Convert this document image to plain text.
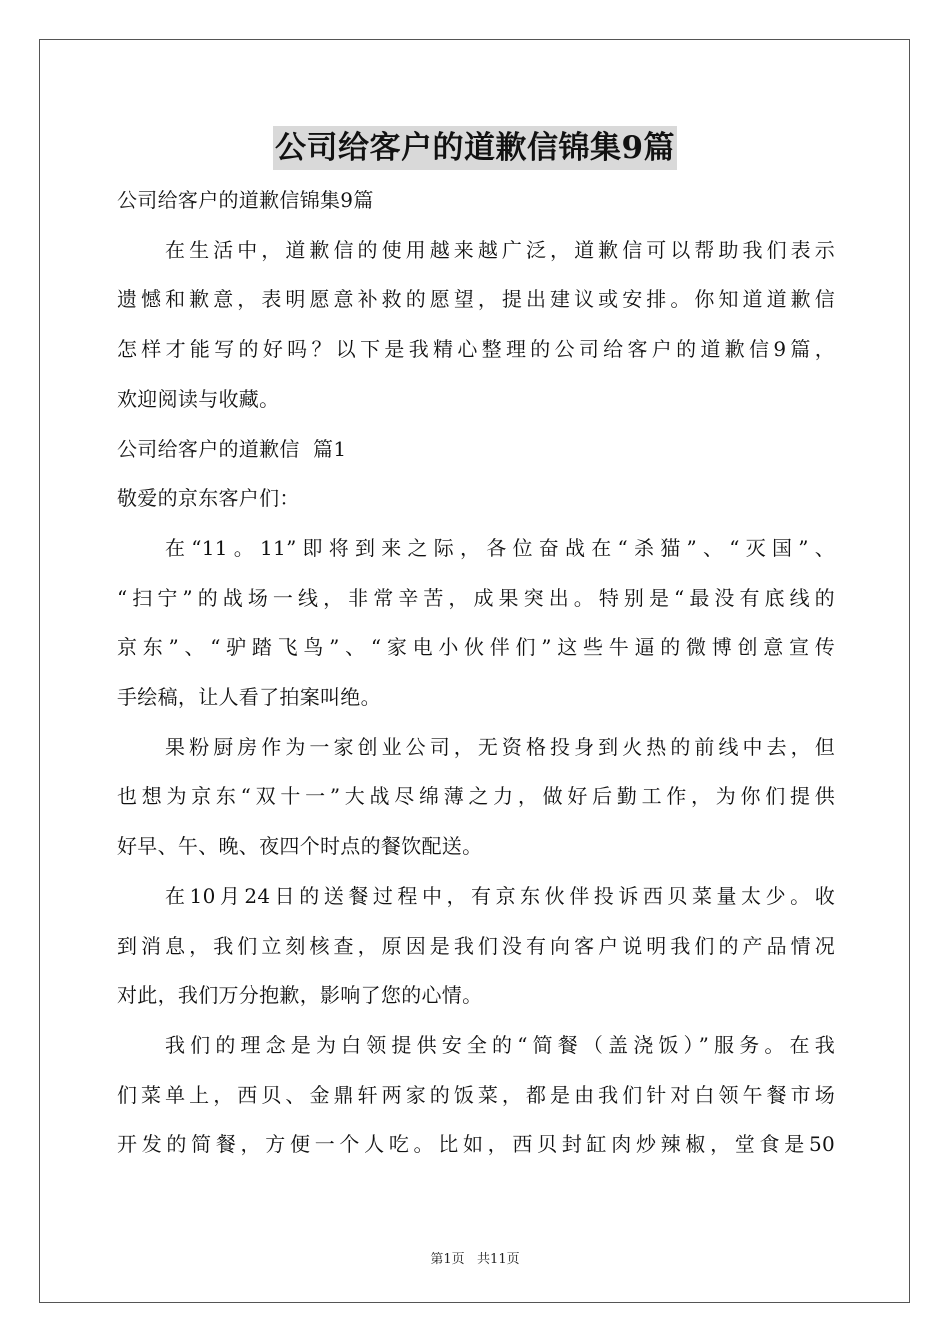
公司给客户的道歉信锦集9篇
公司给客户的道歉信锦集9篇
在生活中，道歉信的使用越来越广泛，道歉信可以帮助我们表示
遗憾和歉意，表明愿意补救的愿望，提出建议或安排。你知道道歉信
怎样才能写的好吗？以下是我精心整理的公司给客户的道歉信9篇，
欢迎阅读与收藏。
公司给客户的道歉信  篇1
敬爱的京东客户们：
在“11。11”即将到来之际，各位奋战在“杀猫”、“灭国”、
“扫宁”的战场一线，非常辛苦，成果突出。特别是“最没有底线的
京东”、“驴踏飞鸟”、“家电小伙伴们”这些牛逼的微博创意宣传
手绘稿，让人看了拍案叫绝。
果粉厨房作为一家创业公司，无资格投身到火热的前线中去，但
也想为京东“双十一”大战尽绵薄之力，做好后勤工作，为你们提供
好早、午、晚、夜四个时点的餐饮配送。
在10月24日的送餐过程中，有京东伙伴投诉西贝菜量太少。收
到消息，我们立刻核查，原因是我们没有向客户说明我们的产品情况
对此，我们万分抱歉，影响了您的心情。
我们的理念是为白领提供安全的“简餐（盖浇饭）”服务。在我
们菜单上，西贝、金鼎轩两家的饭菜，都是由我们针对白领午餐市场
开发的简餐，方便一个人吃。比如，西贝封缸肉炒辣椒，堂食是50
第1页   共11页
